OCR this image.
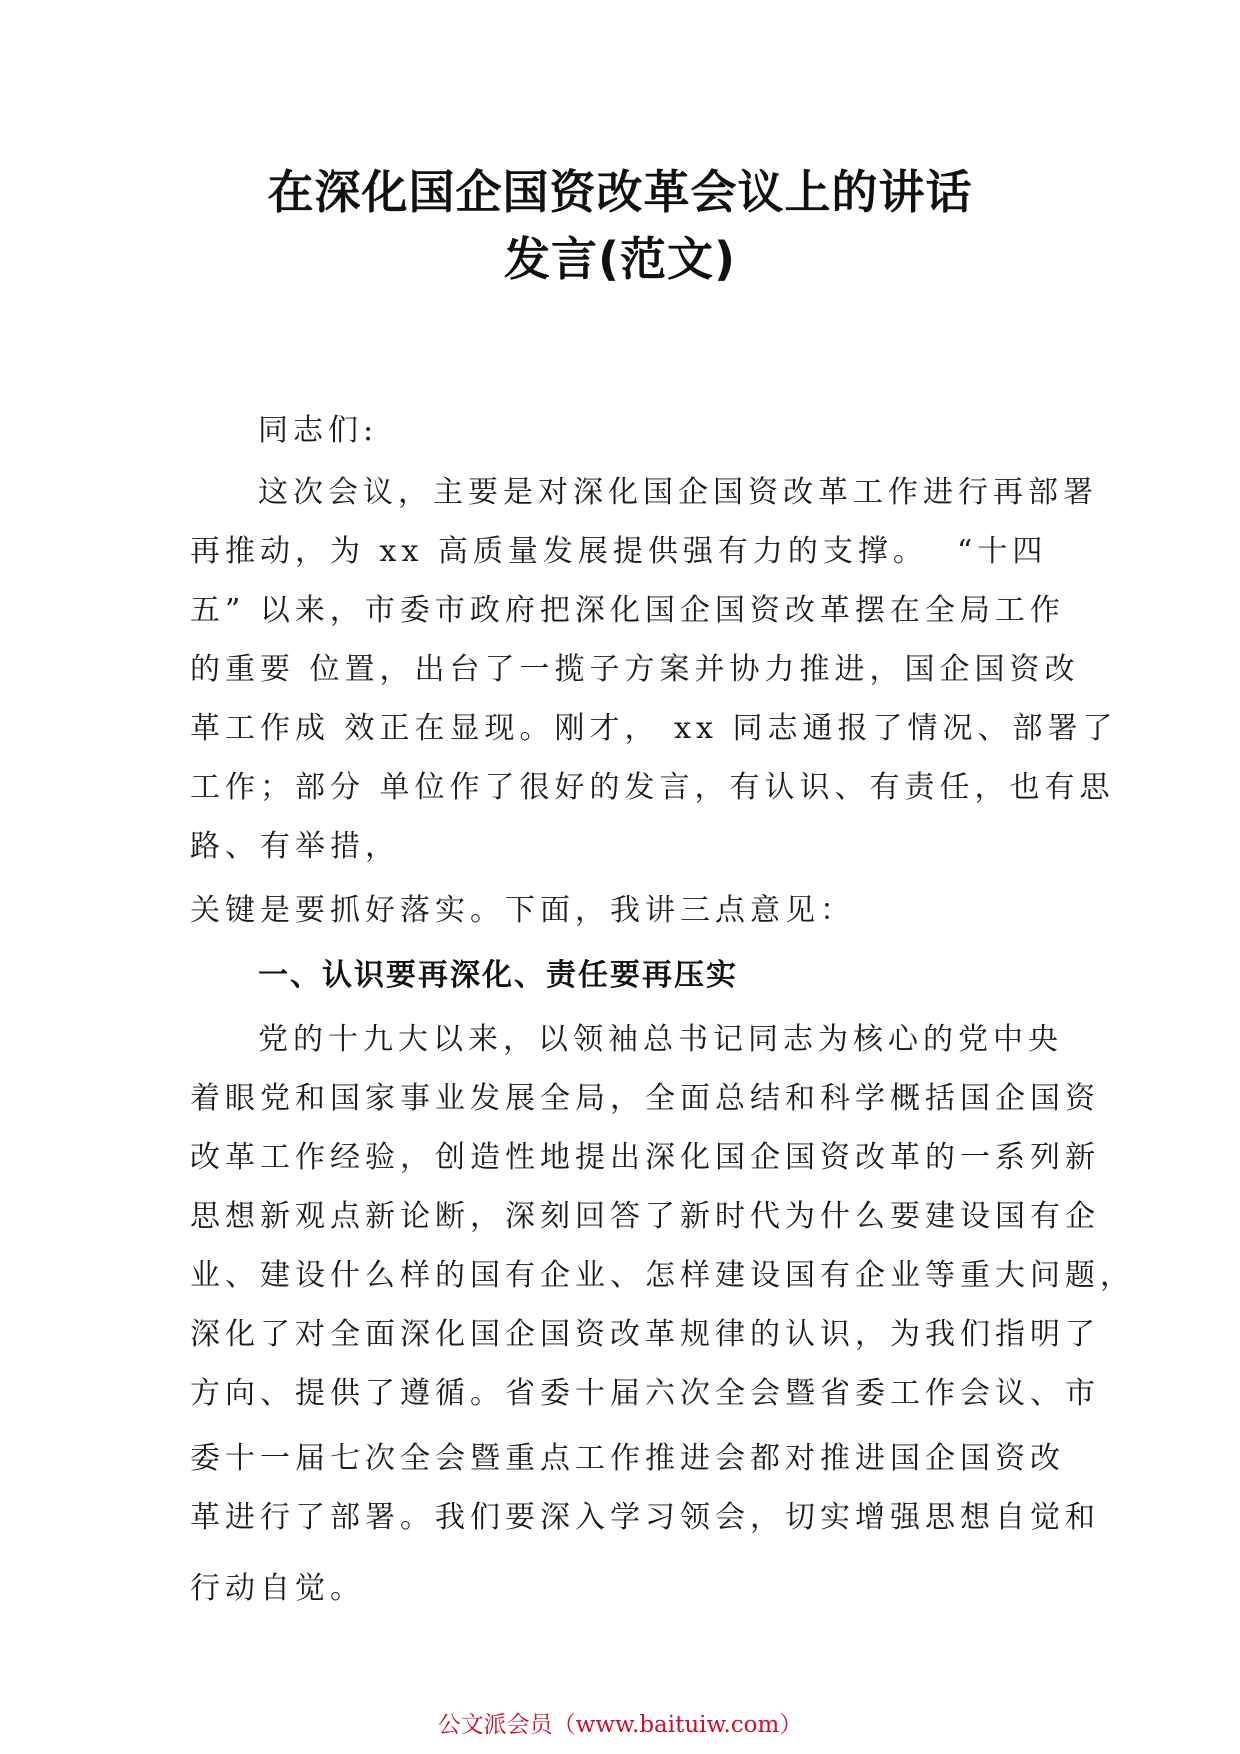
在深化国企国资改革会议上的讲话
发言(范文)
同志们:
这次会议，主要是对深化国企国资改革工作进行再部署
再推动，为 xx 高质量发展提供强有力的支撑。  “十四
五” 以来，市委市政府把深化国企国资改革摆在全局工作
的重要 位置，出台了一揽子方案并协力推进，国企国资改
革工作成 效正在显现。刚才， xx 同志通报了情况、部署了
工作；部分 单位作了很好的发言，有认识、有责任，也有思
路、有举措，
关键是要抓好落实。下面，我讲三点意见：
一、认识要再深化、责任要再压实
党的十九大以来，以领袖总书记同志为核心的党中央
着眼党和国家事业发展全局，全面总结和科学概括国企国资
改革工作经验，创造性地提出深化国企国资改革的一系列新
思想新观点新论断，深刻回答了新时代为什么要建设国有企
业、建设什么样的国有企业、怎样建设国有企业等重大问题，
深化了对全面深化国企国资改革规律的认识，为我们指明了
方向、提供了遵循。省委十届六次全会暨省委工作会议、市
委十一届七次全会暨重点工作推进会都对推进国企国资改
革进行了部署。我们要深入学习领会，切实增强思想自觉和
行动自觉。
公文派会员（www.baituiw.com）
